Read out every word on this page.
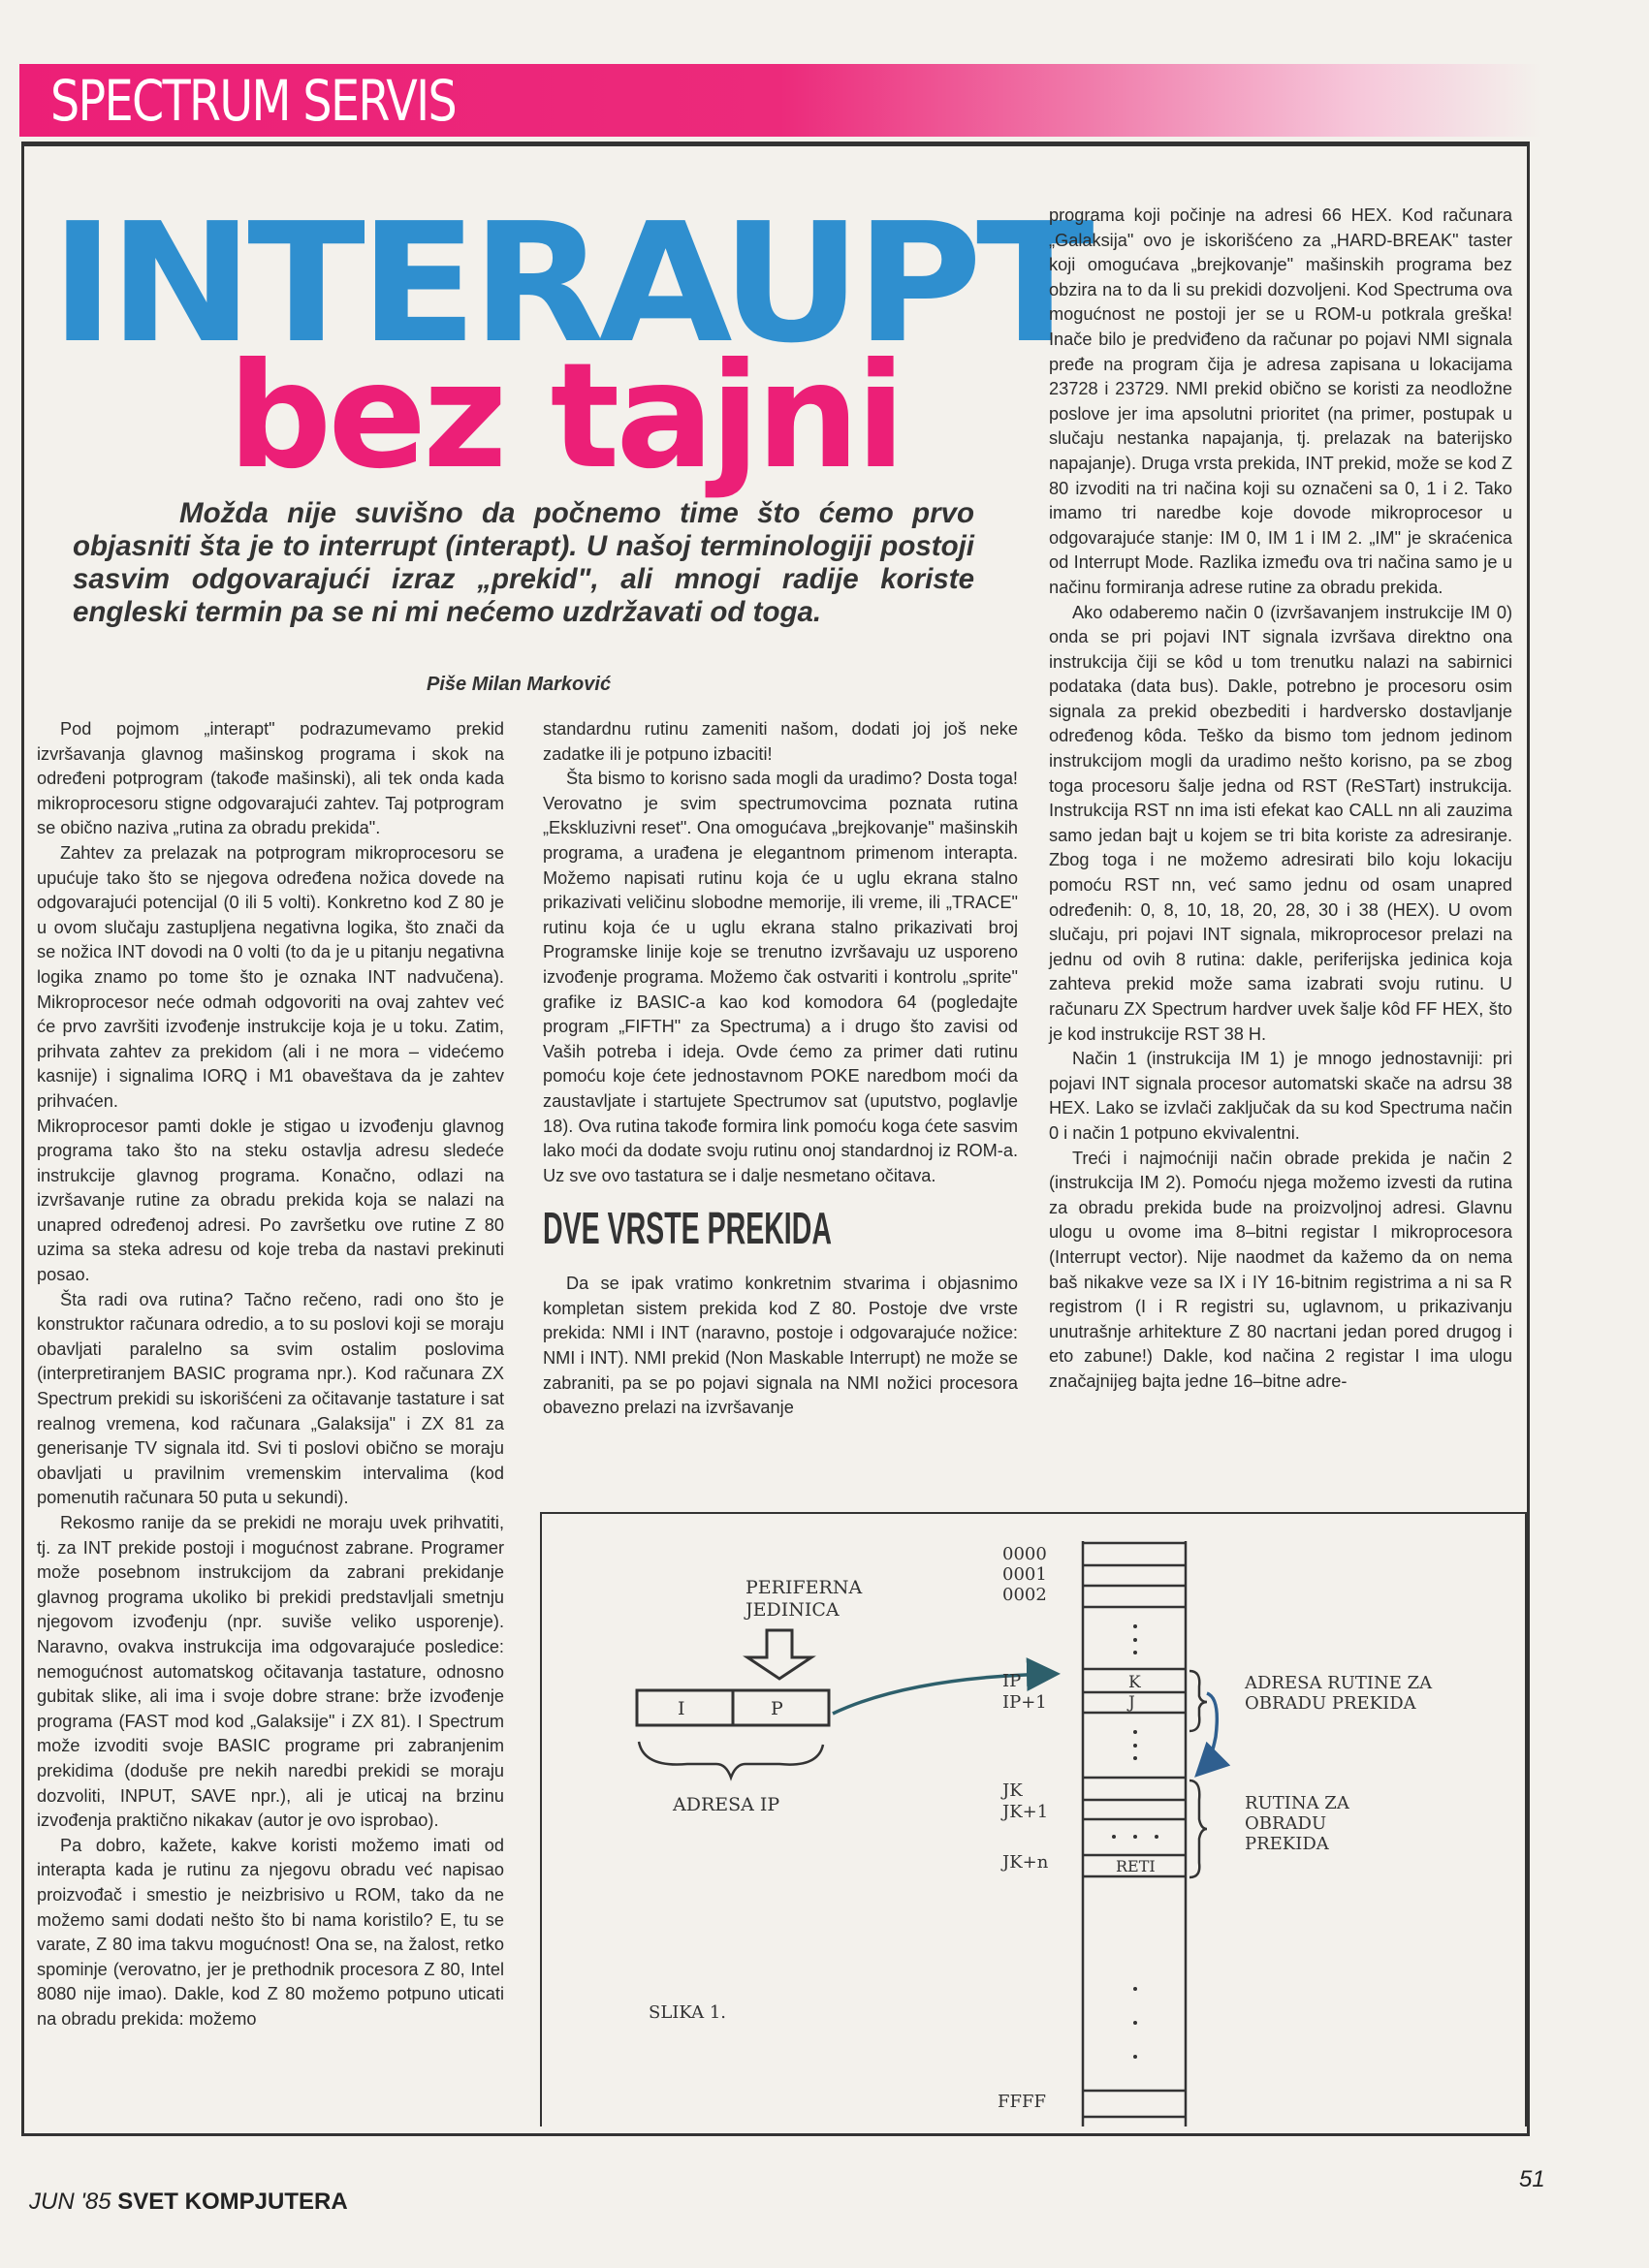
SPECTRUM SERVIS
INTERAUPT
bez tajni
Možda nije suvišno da počnemo time što ćemo prvo objasniti šta je to interrupt (interapt). U našoj terminologiji postoji sasvim odgovarajući izraz „prekid", ali mnogi radije koriste engleski termin pa se ni mi nećemo uzdržavati od toga.
Piše Milan Marković

Pod pojmom „interapt" podrazumevamo prekid izvršavanja glavnog mašinskog programa i skok na određeni potprogram (takođe mašinski), ali tek onda kada mikroprocesoru stigne odgovarajući zahtev. Taj potprogram se obično naziva „rutina za obradu prekida".

Zahtev za prelazak na potprogram mikroprocesoru se upućuje tako što se njegova određena nožica dovede na odgovarajući potencijal (0 ili 5 volti). Konkretno kod Z 80 je u ovom slučaju zastupljena negativna logika, što znači da se nožica INT dovodi na 0 volti (to da je u pitanju negativna logika znamo po tome što je oznaka INT nadvučena). Mikroprocesor neće odmah odgovoriti na ovaj zahtev već će prvo završiti izvođenje instrukcije koja je u toku. Zatim, prihvata zahtev za prekidom (ali i ne mora – videćemo kasnije) i signalima IORQ i M1 obaveštava da je zahtev prihvaćen.

Mikroprocesor pamti dokle je stigao u izvođenju glavnog programa tako što na steku ostavlja adresu sledeće instrukcije glavnog programa. Konačno, odlazi na izvršavanje rutine za obradu prekida koja se nalazi na unapred određenoj adresi. Po završetku ove rutine Z 80 uzima sa steka adresu od koje treba da nastavi prekinuti posao.

Šta radi ova rutina? Tačno rečeno, radi ono što je konstruktor računara odredio, a to su poslovi koji se moraju obavljati paralelno sa svim ostalim poslovima (interpretiranjem BASIC programa npr.). Kod računara ZX Spectrum prekidi su iskorišćeni za očitavanje tastature i sat realnog vremena, kod računara „Galaksija" i ZX 81 za generisanje TV signala itd. Svi ti poslovi obično se moraju obavljati u pravilnim vremenskim intervalima (kod pomenutih računara 50 puta u sekundi).

Rekosmo ranije da se prekidi ne moraju uvek prihvatiti, tj. za INT prekide postoji i mogućnost zabrane. Programer može posebnom instrukcijom da zabrani prekidanje glavnog programa ukoliko bi prekidi predstavljali smetnju njegovom izvođenju (npr. suviše veliko usporenje). Naravno, ovakva instrukcija ima odgovarajuće posledice: nemogućnost automatskog očitavanja tastature, odnosno gubitak slike, ali ima i svoje dobre strane: brže izvođenje programa (FAST mod kod „Galaksije" i ZX 81). I Spectrum može izvoditi svoje BASIC programe pri zabranjenim prekidima (doduše pre nekih naredbi prekidi se moraju dozvoliti, INPUT, SAVE npr.), ali je uticaj na brzinu izvođenja praktično nikakav (autor je ovo isprobao).

Pa dobro, kažete, kakve koristi možemo imati od interapta kada je rutinu za njegovu obradu već napisao proizvođač i smestio je neizbrisivo u ROM, tako da ne možemo sami dodati nešto što bi nama koristilo? E, tu se varate, Z 80 ima takvu mogućnost! Ona se, na žalost, retko spominje (verovatno, jer je prethodnik procesora Z 80, Intel 8080 nije imao). Dakle, kod Z 80 možemo potpuno uticati na obradu prekida: možemo

standardnu rutinu zameniti našom, dodati joj još neke zadatke ili je potpuno izbaciti!

Šta bismo to korisno sada mogli da uradimo? Dosta toga! Verovatno je svim spectrumovcima poznata rutina „Ekskluzivni reset". Ona omogućava „brejkovanje" mašinskih programa, a urađena je elegantnom primenom interapta. Možemo napisati rutinu koja će u uglu ekrana stalno prikazivati veličinu slobodne memorije, ili vreme, ili „TRACE" rutinu koja će u uglu ekrana stalno prikazivati broj Programske linije koje se trenutno izvršavaju uz usporeno izvođenje programa. Možemo čak ostvariti i kontrolu „sprite" grafike iz BASIC-a kao kod komodora 64 (pogledajte program „FIFTH" za Spectruma) a i drugo što zavisi od Vaših potreba i ideja. Ovde ćemo za primer dati rutinu pomoću koje ćete jednostavnom POKE naredbom moći da zaustavljate i startujete Spectrumov sat (uputstvo, poglavlje 18). Ova rutina takođe formira link pomoću koga ćete sasvim lako moći da dodate svoju rutinu onoj standardnoj iz ROM-a. Uz sve ovo tastatura se i dalje nesmetano očitava.

DVE VRSTE PREKIDA

Da se ipak vratimo konkretnim stvarima i objasnimo kompletan sistem prekida kod Z 80. Postoje dve vrste prekida: NMI i INT (naravno, postoje i odgovarajuće nožice: NMI i INT). NMI prekid (Non Maskable Interrupt) ne može se zabraniti, pa se po pojavi signala na NMI nožici procesora obavezno prelazi na izvršavanje

programa koji počinje na adresi 66 HEX. Kod računara „Galaksija" ovo je iskorišćeno za „HARD-BREAK" taster koji omogućava „brejkovanje" mašinskih programa bez obzira na to da li su prekidi dozvoljeni. Kod Spectruma ova mogućnost ne postoji jer se u ROM-u potkrala greška! Inače bilo je predviđeno da računar po pojavi NMI signala pređe na program čija je adresa zapisana u lokacijama 23728 i 23729. NMI prekid obično se koristi za neodložne poslove jer ima apsolutni prioritet (na primer, postupak u slučaju nestanka napajanja, tj. prelazak na baterijsko napajanje). Druga vrsta prekida, INT prekid, može se kod Z 80 izvoditi na tri načina koji su označeni sa 0, 1 i 2. Tako imamo tri naredbe koje dovode mikroprocesor u odgovarajuće stanje: IM 0, IM 1 i IM 2. „IM" je skraćenica od Interrupt Mode. Razlika između ova tri načina samo je u načinu formiranja adrese rutine za obradu prekida.

Ako odaberemo način 0 (izvršavanjem instrukcije IM 0) onda se pri pojavi INT signala izvršava direktno ona instrukcija čiji se kôd u tom trenutku nalazi na sabirnici podataka (data bus). Dakle, potrebno je procesoru osim signala za prekid obezbediti i hardversko dostavljanje određenog kôda. Teško da bismo tom jednom jedinom instrukcijom mogli da uradimo nešto korisno, pa se zbog toga procesoru šalje jedna od RST (ReSTart) instrukcija. Instrukcija RST nn ima isti efekat kao CALL nn ali zauzima samo jedan bajt u kojem se tri bita koriste za adresiranje. Zbog toga i ne možemo adresirati bilo koju lokaciju pomoću RST nn, već samo jednu od osam unapred određenih: 0, 8, 10, 18, 20, 28, 30 i 38 (HEX). U ovom slučaju, pri pojavi INT signala, mikroprocesor prelazi na jednu od ovih 8 rutina: dakle, periferijska jedinica koja zahteva prekid može sama izabrati svoju rutinu. U računaru ZX Spectrum hardver uvek šalje kôd FF HEX, što je kod instrukcije RST 38 H.

Način 1 (instrukcija IM 1) je mnogo jednostavniji: pri pojavi INT signala procesor automatski skače na adrsu 38 HEX. Lako se izvlači zaključak da su kod Spectruma način 0 i način 1 potpuno ekvivalentni.

Treći i najmoćniji način obrade prekida je način 2 (instrukcija IM 2). Pomoću njega možemo izvesti da rutina za obradu prekida bude na proizvoljnoj adresi. Glavnu ulogu u ovome ima 8–bitni registar I mikroprocesora (Interrupt vector). Nije naodmet da kažemo da on nema baš nikakve veze sa IX i IY 16-bitnim registrima a ni sa R registrom (I i R registri su, uglavnom, u prikazivanju unutrašnje arhitekture Z 80 nacrtani jedan pored drugog i eto zabune!) Dakle, kod načina 2 registar I ima ulogu značajnijeg bajta jedne 16–bitne adre-

PERIFERNA
JEDINICA
I	P
ADRESA IP
0000
0001
0002
IP
IP+1
JK
JK+1
JK+n
FFFF
K
J
RETI
ADRESA RUTINE ZA
OBRADU PREKIDA
RUTINA ZA
OBRADU
PREKIDA
SLIKA 1.
JUN '85 SVET KOMPJUTERA
51
